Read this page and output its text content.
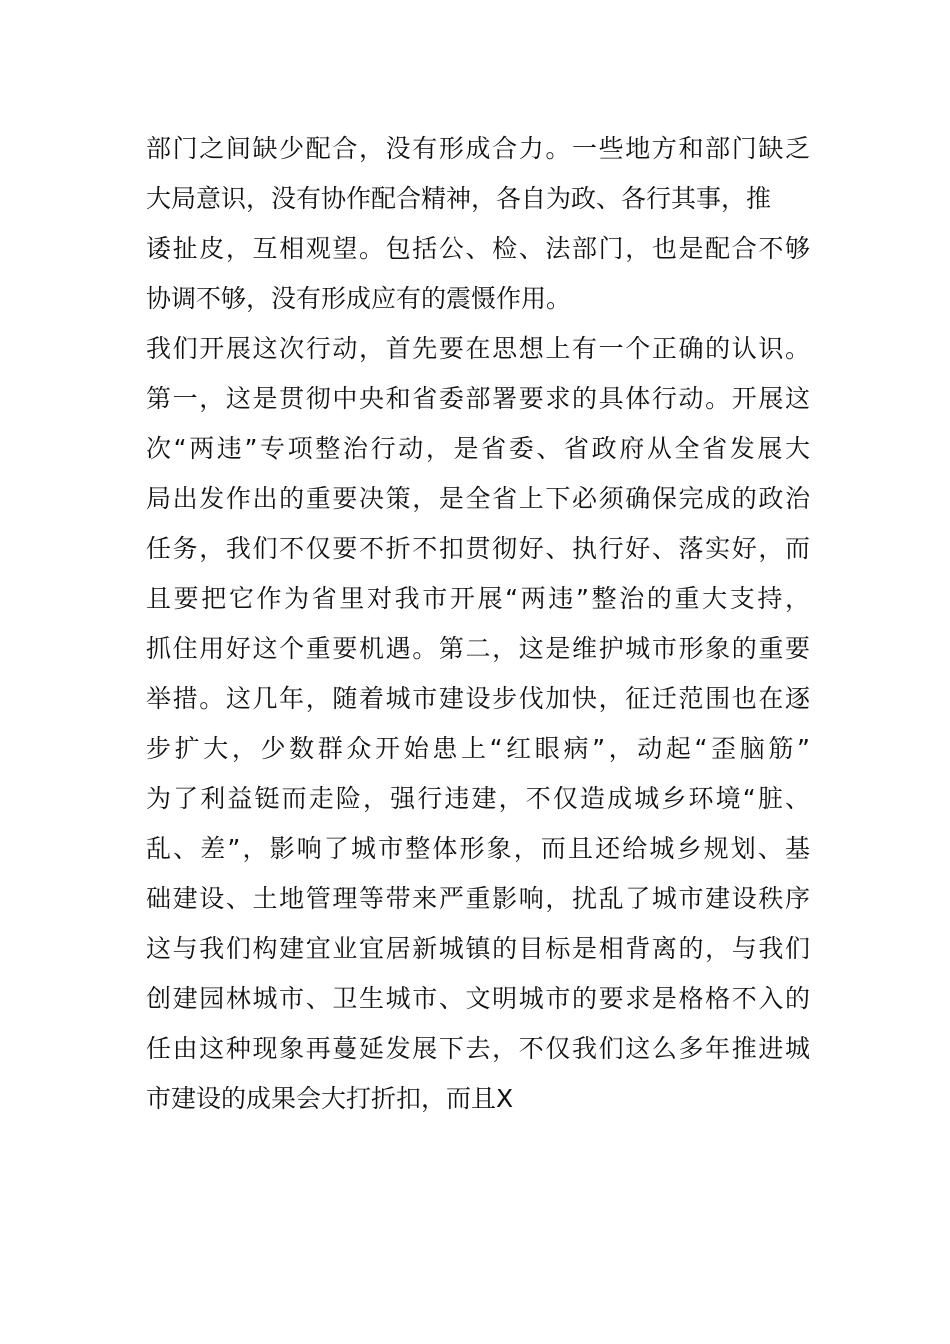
部门之间缺少配合，没有形成合力。一些地方和部门缺乏
大局意识，没有协作配合精神，各自为政、各行其事，推
诿扯皮，互相观望。包括公、检、法部门，也是配合不够
协调不够，没有形成应有的震慑作用。
我们开展这次行动，首先要在思想上有一个正确的认识。
第一，这是贯彻中央和省委部署要求的具体行动。开展这
次“两违”专项整治行动，是省委、省政府从全省发展大
局出发作出的重要决策，是全省上下必须确保完成的政治
任务，我们不仅要不折不扣贯彻好、执行好、落实好，而
且要把它作为省里对我市开展“两违”整治的重大支持，
抓住用好这个重要机遇。第二，这是维护城市形象的重要
举措。这几年，随着城市建设步伐加快，征迁范围也在逐
步扩大，少数群众开始患上“红眼病”，动起“歪脑筋”
为了利益铤而走险，强行违建，不仅造成城乡环境“脏、
乱、差”，影响了城市整体形象，而且还给城乡规划、基
础建设、土地管理等带来严重影响，扰乱了城市建设秩序
这与我们构建宜业宜居新城镇的目标是相背离的，与我们
创建园林城市、卫生城市、文明城市的要求是格格不入的
任由这种现象再蔓延发展下去，不仅我们这么多年推进城
市建设的成果会大打折扣，而且X
